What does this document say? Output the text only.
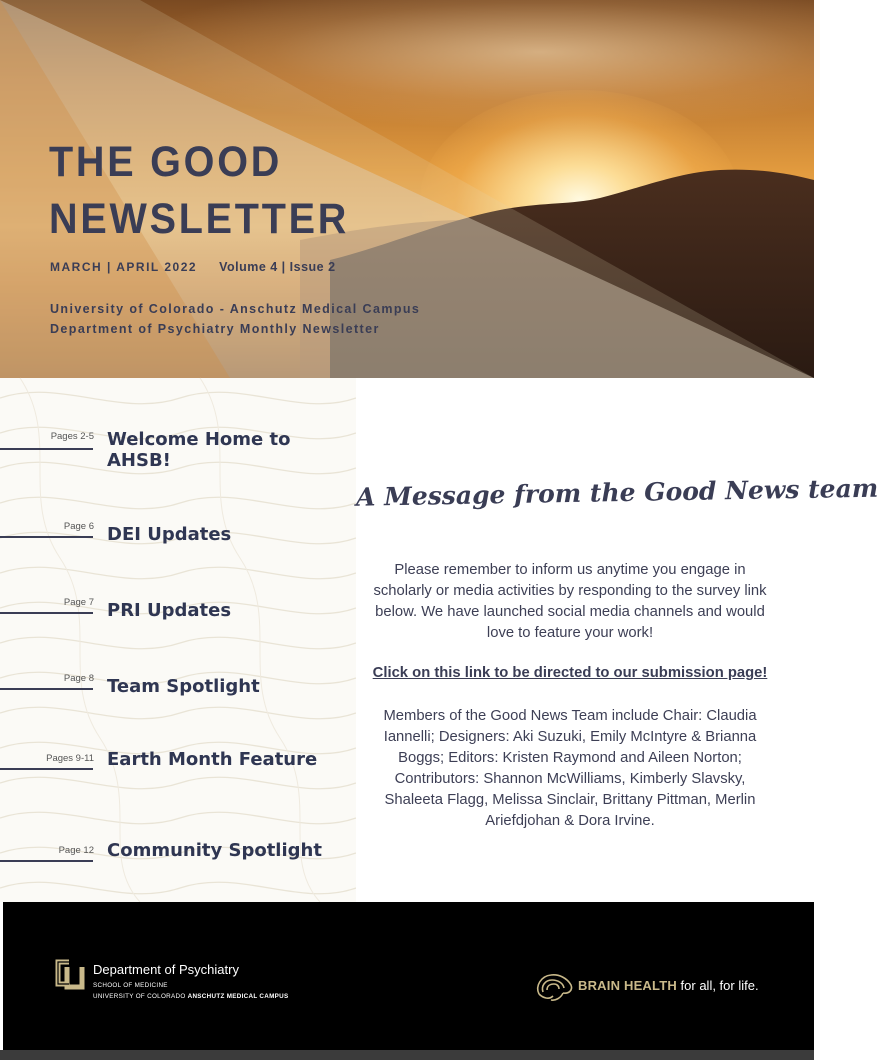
THE GOOD
NEWSLETTER

MARCH | APRIL 2022 Volume 4 | Issue 2

University of Colorado - Anschutz Medical Campus

Department of Psychiatry Monthly Newsletter

Pages 2-5 Welcome Home to AHSB!

Page 6 DEI Updates

Page 7 PRI Updates

Page 8 Team Spotlight

Pages 9-11 Earth Month Feature

Page 12 Community Spotlight

A Message from the Good News team

Please remember to inform us anytime you engage in scholarly or media activities by responding to the survey link below. We have launched social media channels and would love to feature your work!

Click on this link to be directed to our submission page!

Members of the Good News Team include Chair: Claudia Iannelli; Designers: Aki Suzuki, Emily McIntyre & Brianna Boggs; Editors: Kristen Raymond and Aileen Norton; Contributors: Shannon McWilliams, Kimberly Slavsky, Shaleeta Flagg, Melissa Sinclair, Brittany Pittman, Merlin Ariefdjohan & Dora Irvine.

Department of Psychiatry

SCHOOL OF MEDICINE

UNIVERSITY OF COLORADO ANSCHUTZ MEDICAL CAMPUS

BRAIN HEALTH for all, for life.
